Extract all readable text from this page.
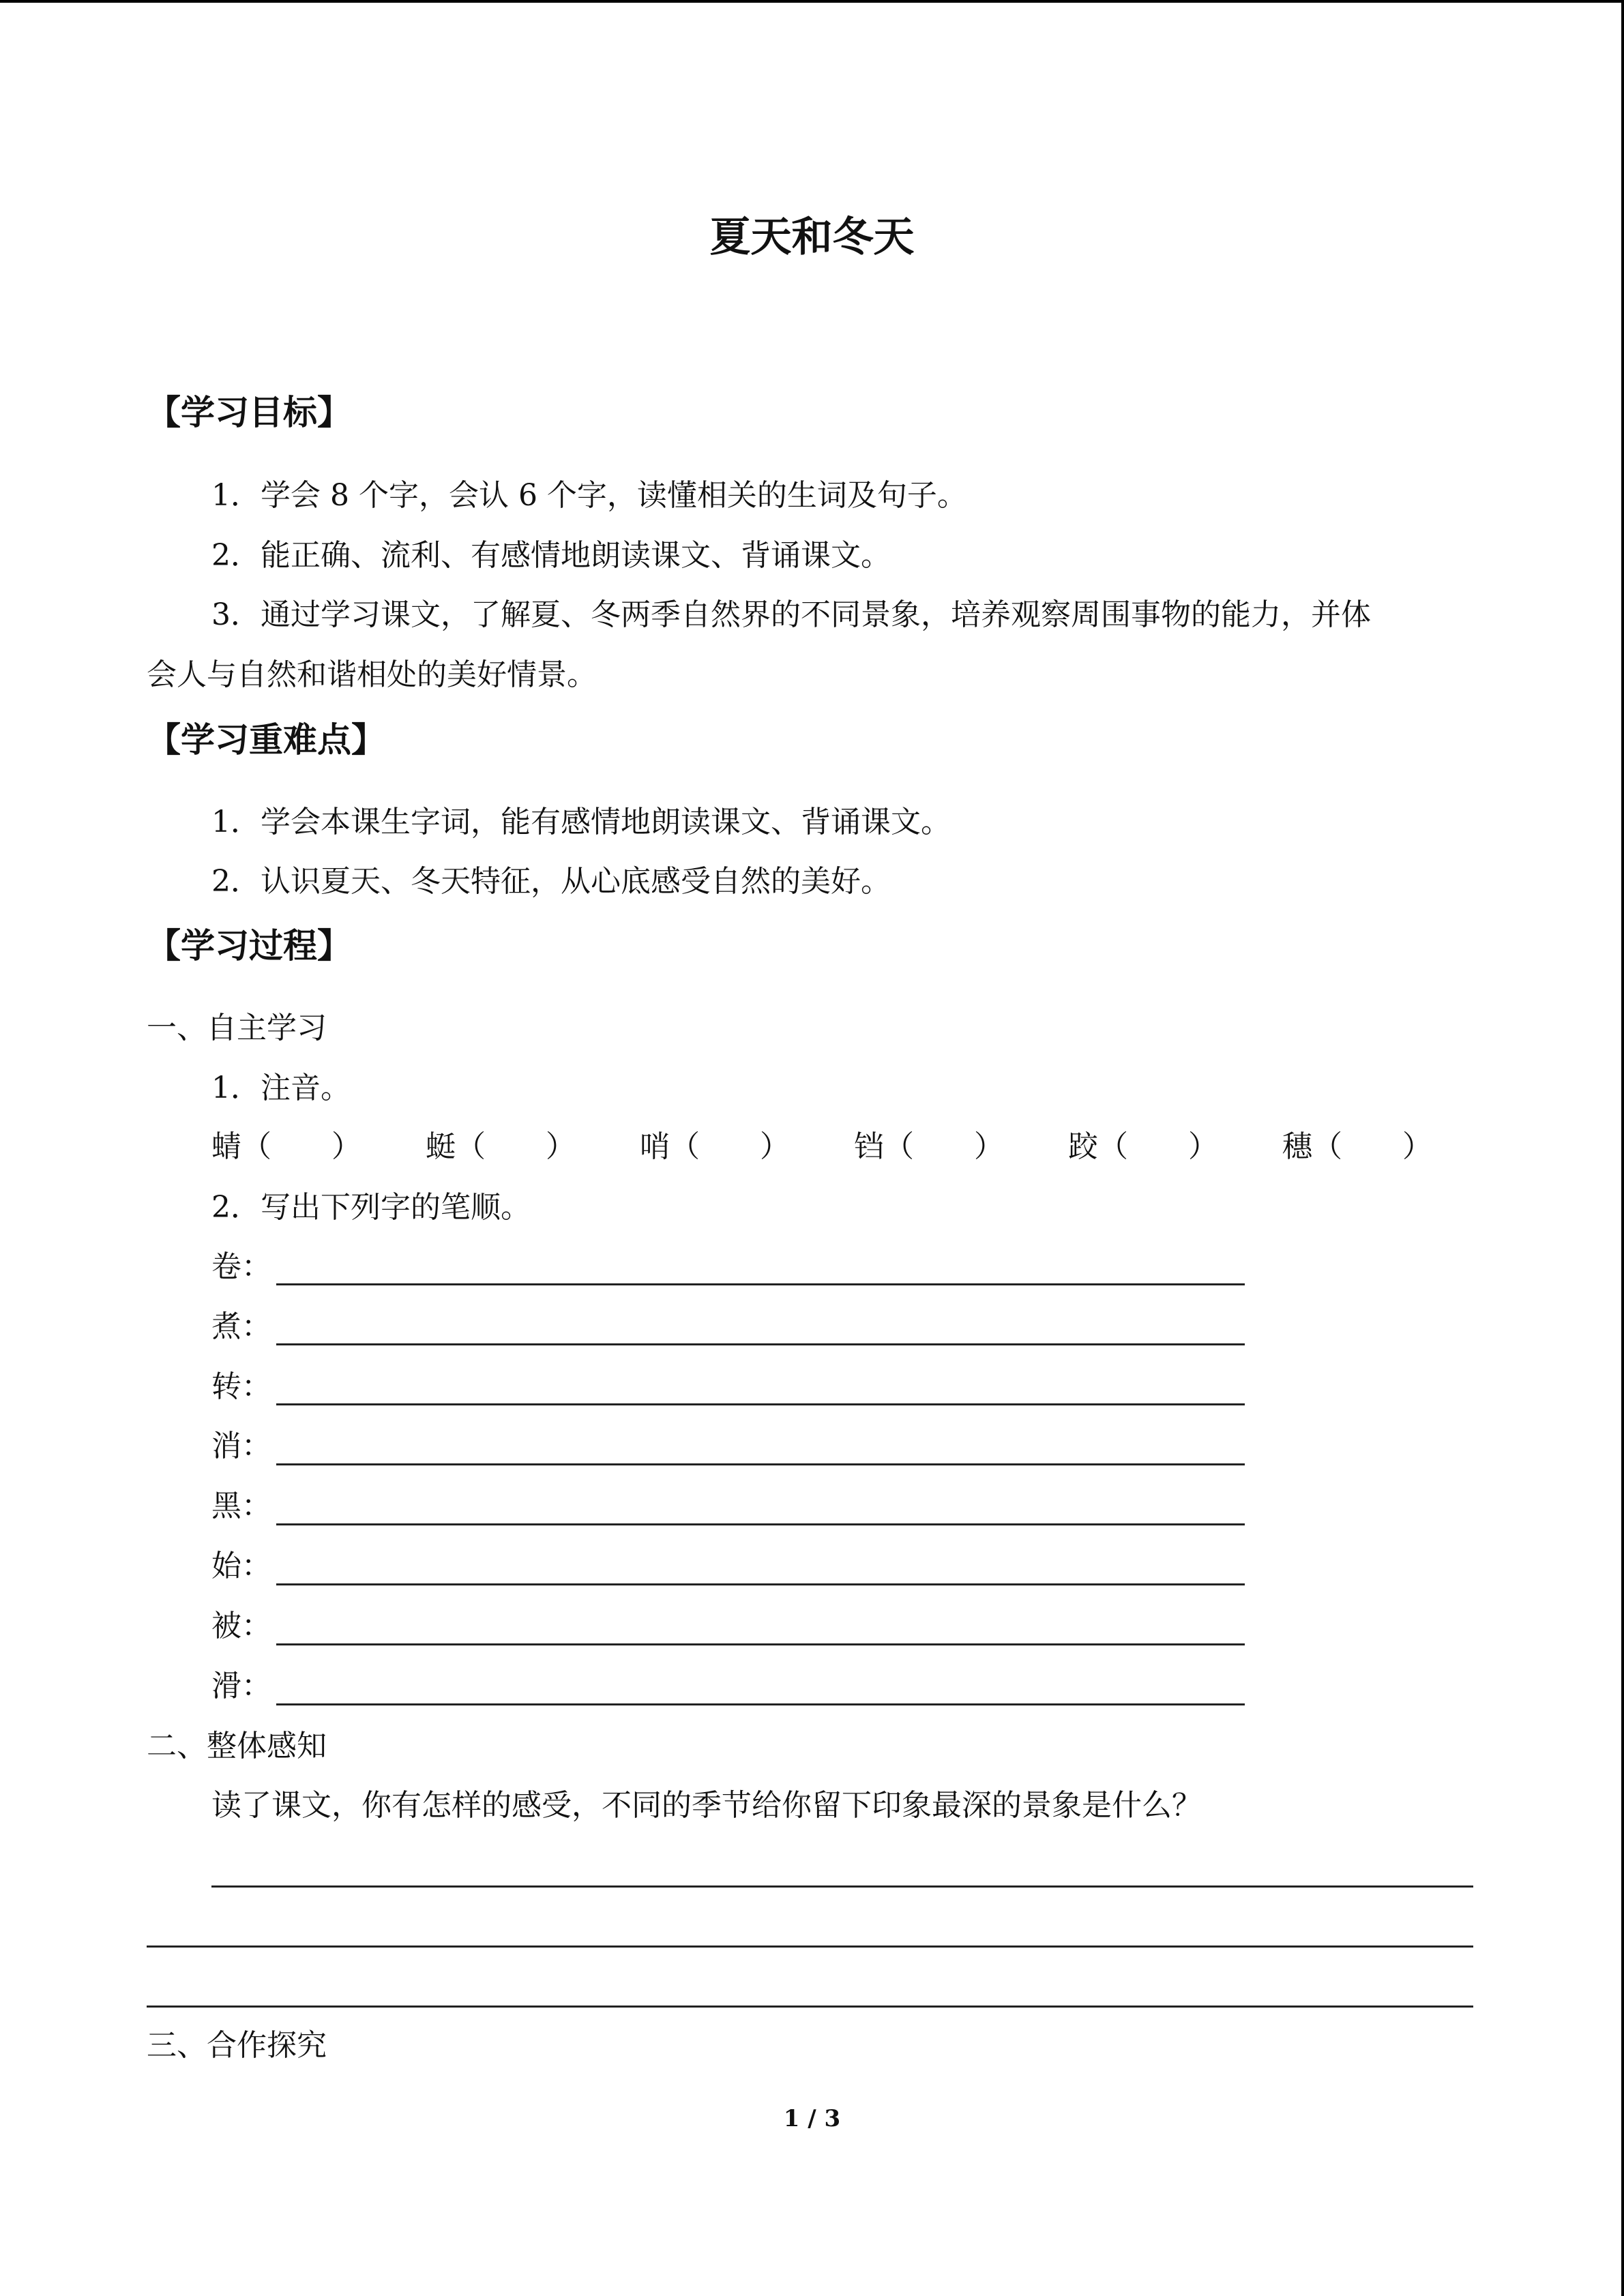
夏天和冬天
【学习目标】
1．学会 8 个字，会认 6 个字，读懂相关的生词及句子。
2．能正确、流利、有感情地朗读课文、背诵课文。
3．通过学习课文，了解夏、冬两季自然界的不同景象，培养观察周围事物的能力，并体
会人与自然和谐相处的美好情景。
【学习重难点】
1．学会本课生字词，能有感情地朗读课文、背诵课文。
2．认识夏天、冬天特征，从心底感受自然的美好。
【学习过程】
一、自主学习
1．注音。
蜻（　　） 蜓（　　） 哨（　　） 铛（　　） 跤（　　） 穗（　　）
2．写出下列字的笔顺。
卷：
煮：
转：
消：
黑：
始：
被：
滑：
二、整体感知
读了课文，你有怎样的感受，不同的季节给你留下印象最深的景象是什么？
三、合作探究
1 / 3
